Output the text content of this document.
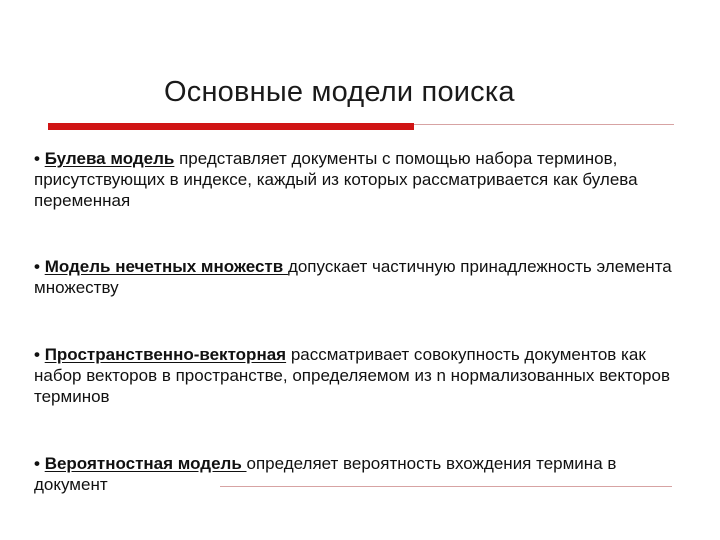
Основные модели поиска
• Булева модель представляет документы с помощью набора терминов, присутствующих в индексе, каждый из которых рассматривается как булева переменная
• Модель нечетных множеств допускает частичную принадлежность элемента множеству
• Пространственно-векторная рассматривает совокупность документов как набор векторов в пространстве, определяемом из n нормализованных векторов терминов
• Вероятностная модель определяет вероятность вхождения термина в документ
